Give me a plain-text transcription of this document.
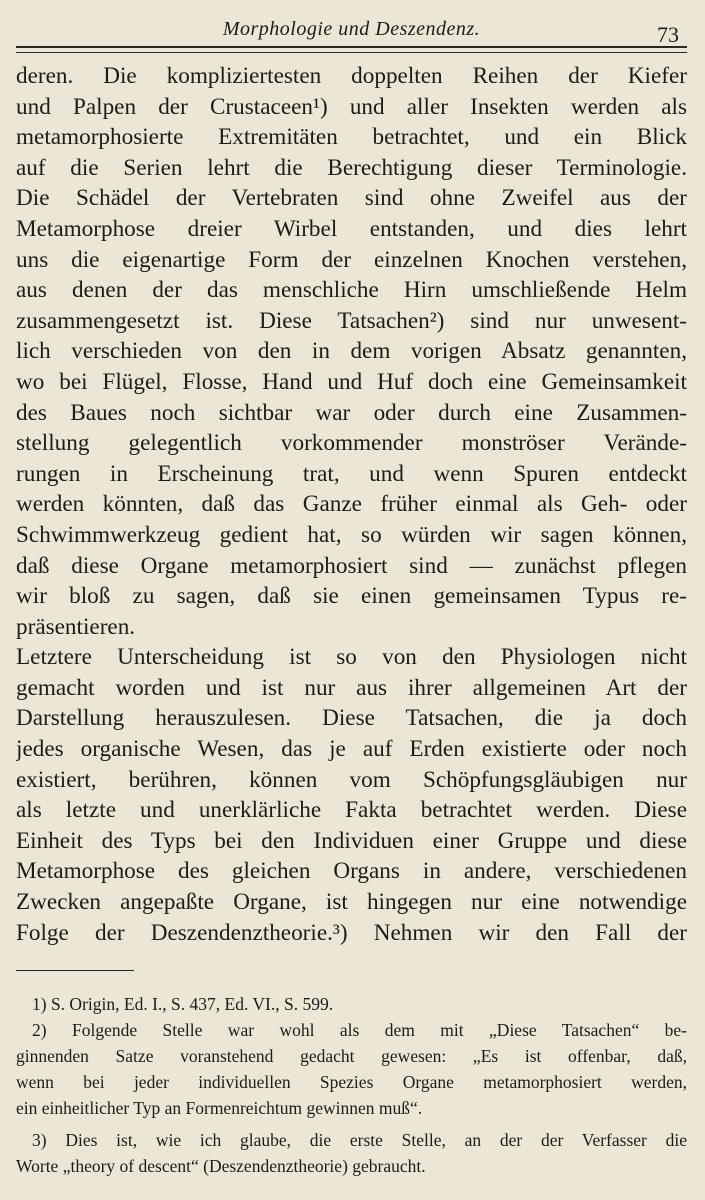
Morphologie und Deszendenz.	73
deren. Die kompliziertesten doppelten Reihen der Kiefer
und Palpen der Crustaceen¹) und aller Insekten werden als
metamorphosierte Extremitäten betrachtet, und ein Blick
auf die Serien lehrt die Berechtigung dieser Terminologie.
Die Schädel der Vertebraten sind ohne Zweifel aus der
Metamorphose dreier Wirbel entstanden, und dies lehrt
uns die eigenartige Form der einzelnen Knochen verstehen,
aus denen der das menschliche Hirn umschließende Helm
zusammengesetzt ist. Diese Tatsachen²) sind nur unwesent-
lich verschieden von den in dem vorigen Absatz genannten,
wo bei Flügel, Flosse, Hand und Huf doch eine Gemeinsamkeit
des Baues noch sichtbar war oder durch eine Zusammen-
stellung gelegentlich vorkommender monströser Verände-
rungen in Erscheinung trat, und wenn Spuren entdeckt
werden könnten, daß das Ganze früher einmal als Geh- oder
Schwimmwerkzeug gedient hat, so würden wir sagen können,
daß diese Organe metamorphosiert sind — zunächst pflegen
wir bloß zu sagen, daß sie einen gemeinsamen Typus re-
präsentieren.
Letztere Unterscheidung ist so von den Physiologen nicht
gemacht worden und ist nur aus ihrer allgemeinen Art der
Darstellung herauszulesen. Diese Tatsachen, die ja doch
jedes organische Wesen, das je auf Erden existierte oder noch
existiert, berühren, können vom Schöpfungsgläubigen nur
als letzte und unerklärliche Fakta betrachtet werden. Diese
Einheit des Typs bei den Individuen einer Gruppe und diese
Metamorphose des gleichen Organs in andere, verschiedenen
Zwecken angepaßte Organe, ist hingegen nur eine notwendige
Folge der Deszendenztheorie.³) Nehmen wir den Fall der
1) S. Origin, Ed. I., S. 437, Ed. VI., S. 599.
2) Folgende Stelle war wohl als dem mit „Diese Tatsachen“ be-
ginnenden Satze voranstehend gedacht gewesen: „Es ist offenbar, daß,
wenn bei jeder individuellen Spezies Organe metamorphosiert werden,
ein einheitlicher Typ an Formenreichtum gewinnen muß“.
3) Dies ist, wie ich glaube, die erste Stelle, an der der Verfasser die
Worte „theory of descent“ (Deszendenztheorie) gebraucht.
